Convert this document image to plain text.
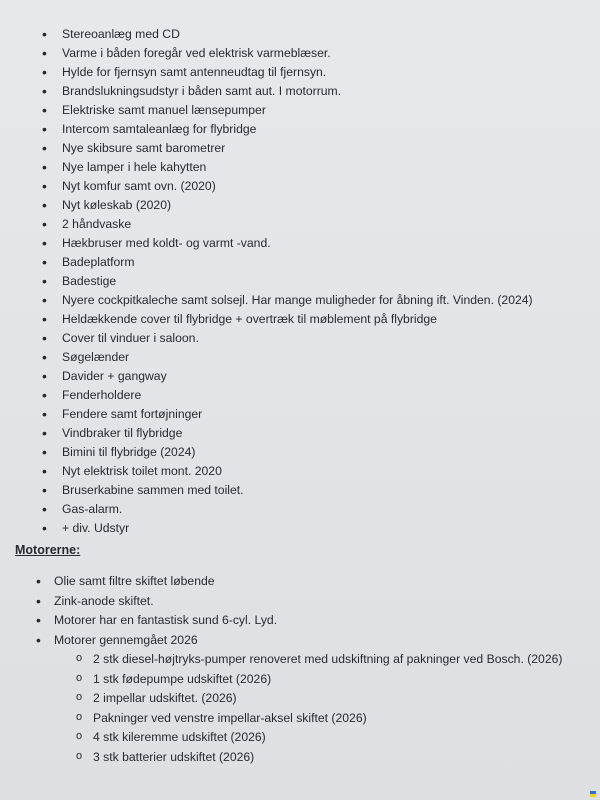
• Stereoanlæg med CD
• Varme i båden foregår ved elektrisk varmeblæser.
• Hylde for fjernsyn samt antenneudtag til fjernsyn.
• Brandslukningsudstyr i båden samt aut. I motorrum.
• Elektriske samt manuel lænsepumper
• Intercom samtaleanlæg for flybridge
• Nye skibsure samt barometrer
• Nye lamper i hele kahytten
• Nyt komfur samt ovn. (2020)
• Nyt køleskab (2020)
• 2 håndvaske
• Hækbruser med koldt- og varmt -vand.
• Badeplatform
• Badestige
• Nyere cockpitkaleche samt solsejl. Har mange muligheder for åbning ift. Vinden. (2024)
• Heldækkende cover til flybridge + overtræk til møblement på flybridge
• Cover til vinduer i saloon.
• Søgelænder
• Davider + gangway
• Fenderholdere
• Fendere samt fortøjninger
• Vindbraker til flybridge
• Bimini til flybridge (2024)
• Nyt elektrisk toilet mont. 2020
• Bruserkabine sammen med toilet.
• Gas-alarm.
• + div. Udstyr
Motorerne:
• Olie samt filtre skiftet løbende
• Zink-anode skiftet.
• Motorer har en fantastisk sund 6-cyl. Lyd.
• Motorer gennemgået 2026
o 2 stk diesel-højtryks-pumper renoveret med udskiftning af pakninger ved Bosch. (2026)
o 1 stk fødepumpe udskiftet (2026)
o 2 impellar udskiftet. (2026)
o Pakninger ved venstre impellar-aksel skiftet (2026)
o 4 stk kileremme udskiftet (2026)
o 3 stk batterier udskiftet (2026)
